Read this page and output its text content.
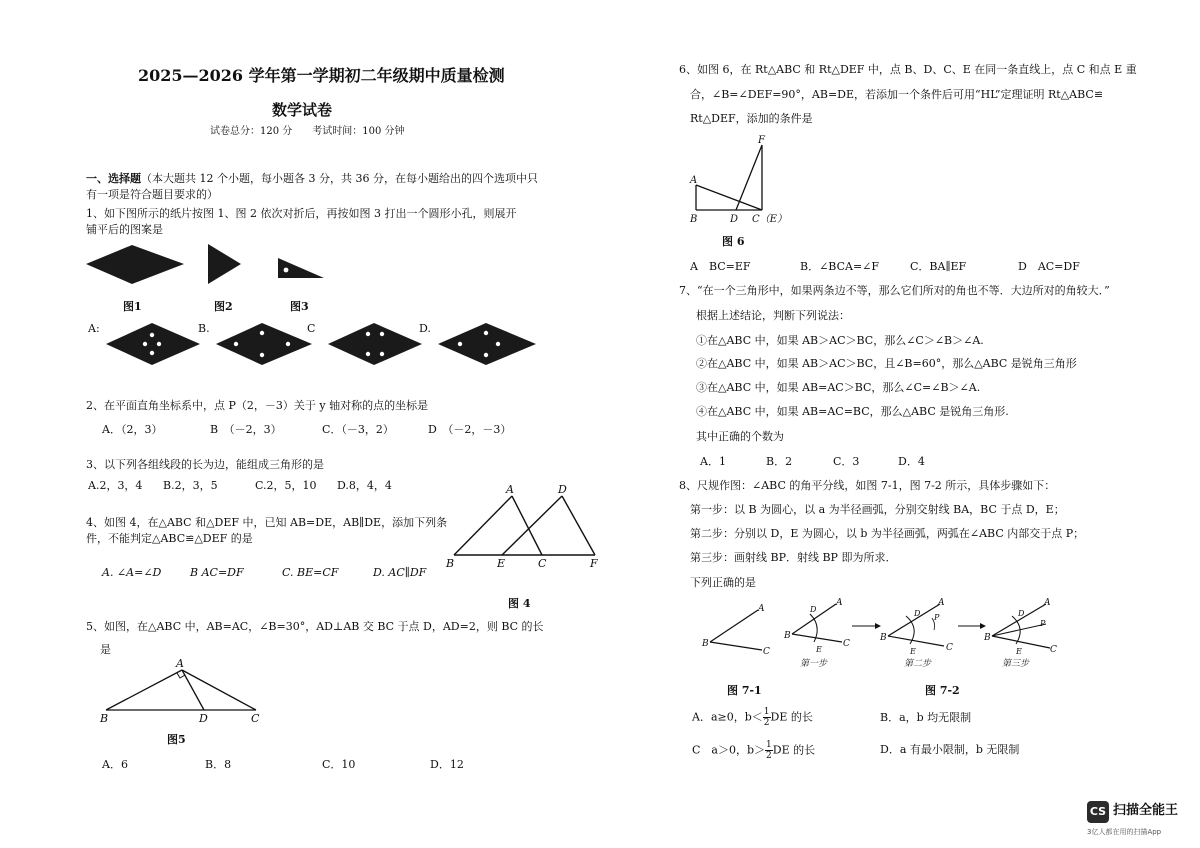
2025—2026 学年第一学期初二年级期中质量检测
数学试卷
试卷总分：120 分　　考试时间：100 分钟
一、选择题（本大题共 12 个小题，每小题各 3 分，共 36 分，在每小题给出的四个选项中只
有一项是符合题目要求的）
1、如下图所示的纸片按图 1、图 2 依次对折后，再按如图 3 打出一个圆形小孔，则展开
铺平后的图案是
图1	图2	图3
A:	B.	C	D.
2、在平面直角坐标系中，点 P（2，－3）关于 y 轴对称的点的坐标是
A．（2，3）	B　（－2，3）	C．（－3，2）	D　（－2，－3）
3、以下列各组线段的长为边，能组成三角形的是
A.2，3，4 B.2，3，5	C.2，5，10 D.8，4，4
4、如图 4，在△ABC 和△DEF 中，已知 AB=DE，AB∥DE，添加下列条
件，不能判定△ABC≌△DEF 的是
A. ∠A=∠D	B AC=DF	C. BE=CF	D. AC∥DF
A	D
B	E	C	F
图 4
5、如图，在△ABC 中，AB=AC，∠B=30°，AD⊥AB 交 BC 于点 D，AD=2，则 BC 的长
是
A
B	D	C
图5
A．6	B．8	C．10	D．12
6、如图 6，在 Rt△ABC 和 Rt△DEF 中，点 B、D、C、E 在同一条直线上，点 C 和点 E 重
合，∠B=∠DEF=90°，AB=DE，若添加一个条件后可用“HL”定理证明 Rt△ABC≌
Rt△DEF，添加的条件是
F
A
B	D C（E）
图 6
A　BC=EF	B．∠BCA=∠F	C．BA∥EF	D　AC=DF
7、“在一个三角形中，如果两条边不等，那么它们所对的角也不等．大边所对的角较大．”
根据上述结论，判断下列说法：
①在△ABC 中，如果 AB＞AC＞BC，那么∠C＞∠B＞∠A.
②在△ABC 中，如果 AB＞AC＞BC，且∠B=60°，那么△ABC 是锐角三角形
③在△ABC 中，如果 AB=AC＞BC，那么∠C=∠B＞∠A.
④在△ABC 中，如果 AB=AC=BC，那么△ABC 是锐角三角形.
其中正确的个数为
A．1	B．2	C．3	D．4
8、尺规作图：∠ABC 的角平分线，如图 7-1，图 7-2 所示，具体步骤如下：
第一步：以 B 为圆心，以 a 为半径画弧，分别交射线 BA，BC 于点 D，E；
第二步：分别以 D，E 为圆心，以 b 为半径画弧，两弧在∠ABC 内部交于点 P；
第三步：画射线 BP．射线 BP 即为所求．
下列正确的是
A
B
C
A
B
C
D
E
第一步
A
B
C
D
E
P
第二步
A
B
C
D
E
P
第三步
图 7-1	图 7-2
A．a≥0，$b< \frac{1}{2}$ DE 的长	B．a，b 均无限制
C　a＞0，$b> \frac{1}{2}$ DE 的长	D．a 有最小限制，b 无限制
CS 扫描全能王
3亿人都在用的扫描App
